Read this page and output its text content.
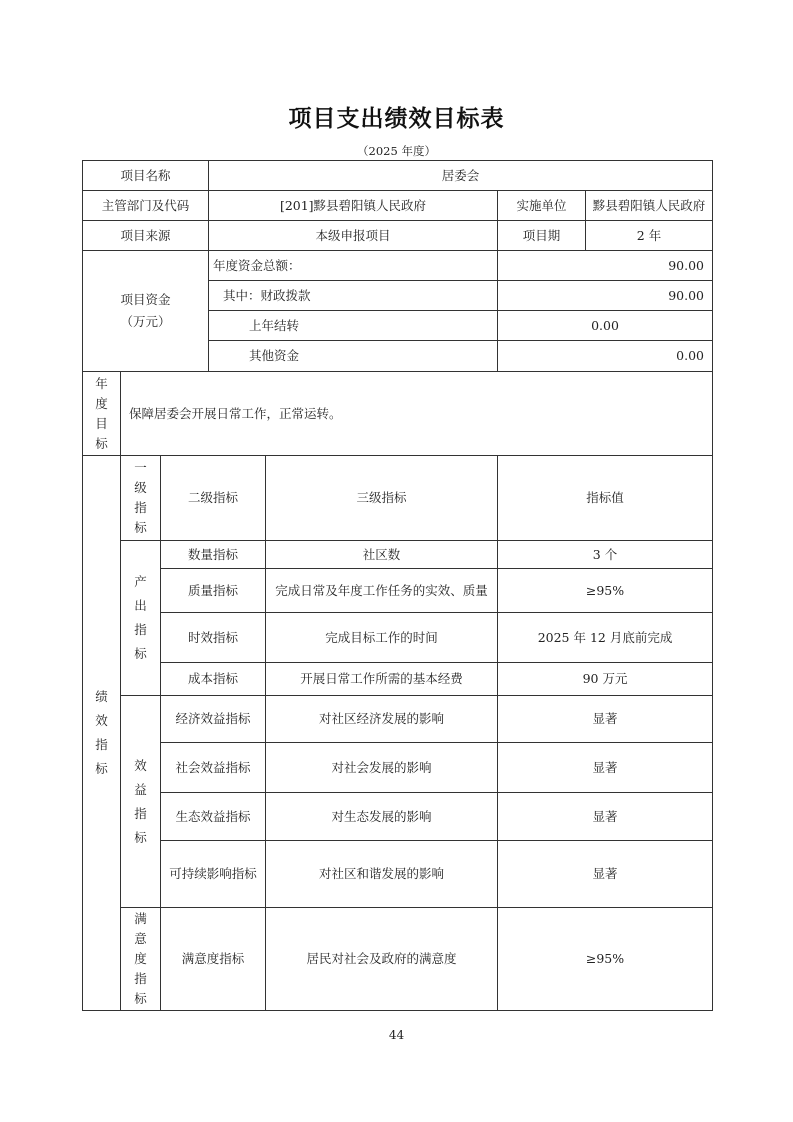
项目支出绩效目标表
（2025 年度）
项目名称			居委会			
主管部门及代码			[201]黟县碧阳镇人民政府		实施单位	黟县碧阳镇人民政府
项目来源			本级申报项目		项目期	2 年

项目资金
（万元）			年度资金总额：		90.00	
			其中：财政拨款		90.00	
			上年结转		0.00	
			其他资金		0.00	

年度目标	保障居委会开展日常工作，正常运转。					

绩效指标	一级指标	二级指标		三级指标	指标值	

	产出指标	数量指标		社区数	3 个	
		质量指标		完成日常及年度工作任务的实效、质量	≥95%	
		时效指标		完成目标工作的时间	2025 年 12 月底前完成	
		成本指标		开展日常工作所需的基本经费	90 万元	

	效益指标	经济效益指标		对社区经济发展的影响	显著	
		社会效益指标		对社会发展的影响	显著	
		生态效益指标		对生态发展的影响	显著	
		可持续影响指标		对社区和谐发展的影响	显著	

	满意度指标	满意度指标		居民对社会及政府的满意度	≥95%	
44
